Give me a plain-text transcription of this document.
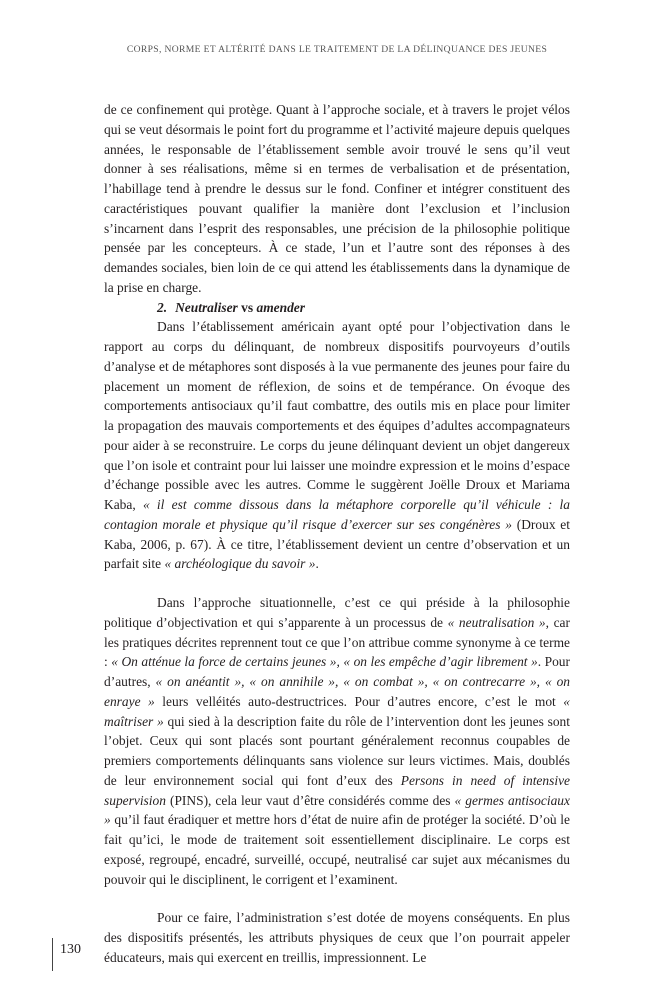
CORPS, NORME ET ALTÉRITÉ DANS LE TRAITEMENT DE LA DÉLINQUANCE DES JEUNES

de ce confinement qui protège. Quant à l’approche sociale, et à travers le projet vélos qui se veut désormais le point fort du programme et l’activité majeure depuis quelques années, le responsable de l’établissement semble avoir trouvé le sens qu’il veut donner à ses réalisations, même si en termes de verbalisation et de présentation, l’habillage tend à prendre le dessus sur le fond. Confiner et intégrer constituent des caractéristiques pouvant qualifier la manière dont l’exclusion et l’inclusion s’incarnent dans l’esprit des responsables, une précision de la philosophie politique pensée par les concepteurs. À ce stade, l’un et l’autre sont des réponses à des demandes sociales, bien loin de ce qui attend les établissements dans la dynamique de la prise en charge.

2. Neutraliser vs amender

Dans l’établissement américain ayant opté pour l’objectivation dans le rapport au corps du délinquant, de nombreux dispositifs pourvoyeurs d’outils d’analyse et de métaphores sont disposés à la vue permanente des jeunes pour faire du placement un moment de réflexion, de soins et de tempérance. On évoque des comportements antisociaux qu’il faut combattre, des outils mis en place pour limiter la propagation des mauvais comportements et des équipes d’adultes accompagnateurs pour aider à se reconstruire. Le corps du jeune délinquant devient un objet dangereux que l’on isole et contraint pour lui laisser une moindre expression et le moins d’espace d’échange possible avec les autres. Comme le suggèrent Joëlle Droux et Mariama Kaba, « il est comme dissous dans la métaphore corporelle qu’il véhicule : la contagion morale et physique qu’il risque d’exercer sur ses congénères » (Droux et Kaba, 2006, p. 67). À ce titre, l’établissement devient un centre d’observation et un parfait site « archéologique du savoir ».

Dans l’approche situationnelle, c’est ce qui préside à la philosophie politique d’objectivation et qui s’apparente à un processus de « neutralisation », car les pratiques décrites reprennent tout ce que l’on attribue comme synonyme à ce terme : « On atténue la force de certains jeunes », « on les empêche d’agir librement ». Pour d’autres, « on anéantit », « on annihile », « on combat », « on contrecarre », « on enraye » leurs velléités auto-destructrices. Pour d’autres encore, c’est le mot « maîtriser » qui sied à la description faite du rôle de l’intervention dont les jeunes sont l’objet. Ceux qui sont placés sont pourtant généralement reconnus coupables de premiers comportements délinquants sans violence sur leurs victimes. Mais, doublés de leur environnement social qui font d’eux des Persons in need of intensive supervision (PINS), cela leur vaut d’être considérés comme des « germes antisociaux » qu’il faut éradiquer et mettre hors d’état de nuire afin de protéger la société. D’où le fait qu’ici, le mode de traitement soit essentiellement disciplinaire. Le corps est exposé, regroupé, encadré, surveillé, occupé, neutralisé car sujet aux mécanismes du pouvoir qui le disciplinent, le corrigent et l’examinent.

Pour ce faire, l’administration s’est dotée de moyens conséquents. En plus des dispositifs présentés, les attributs physiques de ceux que l’on pourrait appeler éducateurs, mais qui exercent en treillis, impressionnent. Le

130
